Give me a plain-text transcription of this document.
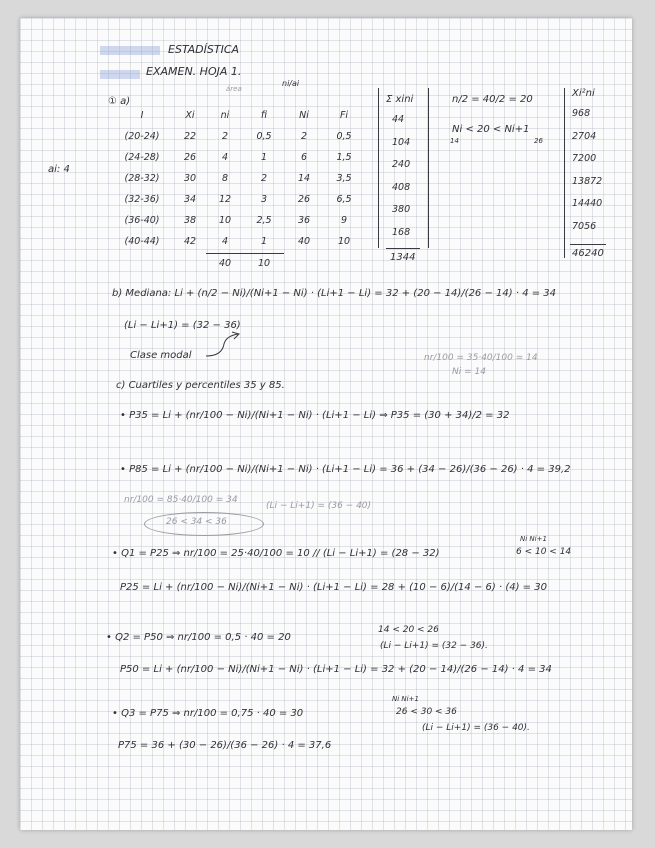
ESTADÍSTICA
EXAMEN. HOJA 1.
ai: 4
① a)
área
ni/ai
I	Xi	ni	fi	Ni	Fi
(20-24)	22	2	0,5	2	0,5
(24-28)	26	4	1	6	1,5
(28-32)	30	8	2	14	3,5
(32-36)	34	12	3	26	6,5
(36-40)	38	10	2,5	36	9
(40-44)	42	4	1	40	10
		40	10		
Σ xini
44
104
240
408
380
168
1344
n/2 = 40/2 = 20
Ni < 20 < Ni+1
14	26
Xi²ni
968
2704
7200
13872
14440
7056
46240
b) Mediana: Li + (n/2 − Ni)/(Ni+1 − Ni) · (Li+1 − Li) = 32 + (20 − 14)/(26 − 14) · 4 = 34
(Li − Li+1) = (32 − 36)
Clase modal	nr/100 = 35·40/100 = 14
Ni = 14
c) Cuartiles y percentiles 35 y 85.
• P35 = Li + (nr/100 − Ni)/(Ni+1 − Ni) · (Li+1 − Li) ⇒ P35 = (30 + 34)/2 = 32
• P85 = Li + (nr/100 − Ni)/(Ni+1 − Ni) · (Li+1 − Li) = 36 + (34 − 26)/(36 − 26) · 4 = 39,2
nr/100 = 85·40/100 = 34
(Li − Li+1) = (36 − 40)
26 < 34 < 36
• Q1 = P25 ⇒ nr/100 = 25·40/100 = 10 // (Li − Li+1) = (28 − 32)
Ni Ni+1
6 < 10 < 14
P25 = Li + (nr/100 − Ni)/(Ni+1 − Ni) · (Li+1 − Li) = 28 + (10 − 6)/(14 − 6) · (4) = 30
• Q2 = P50 ⇒ nr/100 = 0,5 · 40 = 20
14 < 20 < 26
(Li − Li+1) = (32 − 36).
P50 = Li + (nr/100 − Ni)/(Ni+1 − Ni) · (Li+1 − Li) = 32 + (20 − 14)/(26 − 14) · 4 = 34
• Q3 = P75 ⇒ nr/100 = 0,75 · 40 = 30
Ni Ni+1
26 < 30 < 36
(Li − Li+1) = (36 − 40).
P75 = 36 + (30 − 26)/(36 − 26) · 4 = 37,6
